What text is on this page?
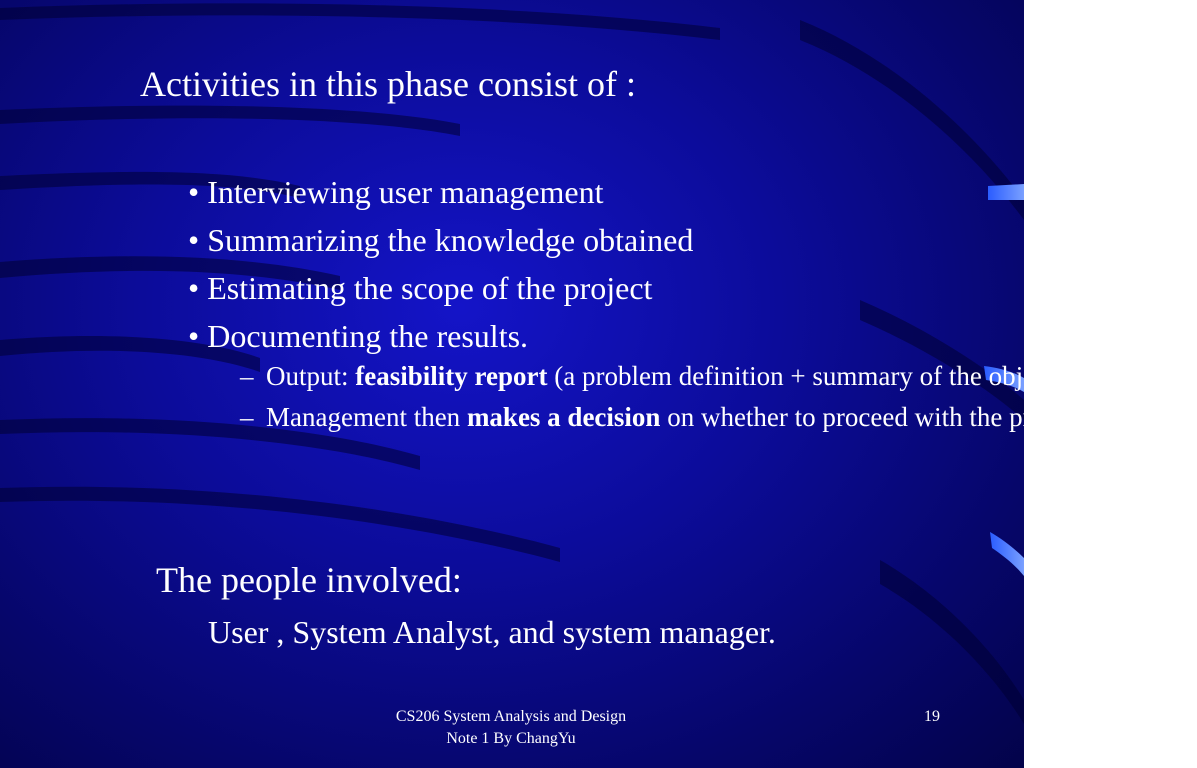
Activities in this phase consist of :
• Interviewing user management
• Summarizing the knowledge obtained
• Estimating the scope of the project
• Documenting the results.
– Output: feasibility report (a problem definition + summary of the objectives)
– Management then makes a decision on whether to proceed with the proposed project.
The people involved:
User , System Analyst, and system manager.
CS206 System Analysis and Design
Note 1 By ChangYu
19
